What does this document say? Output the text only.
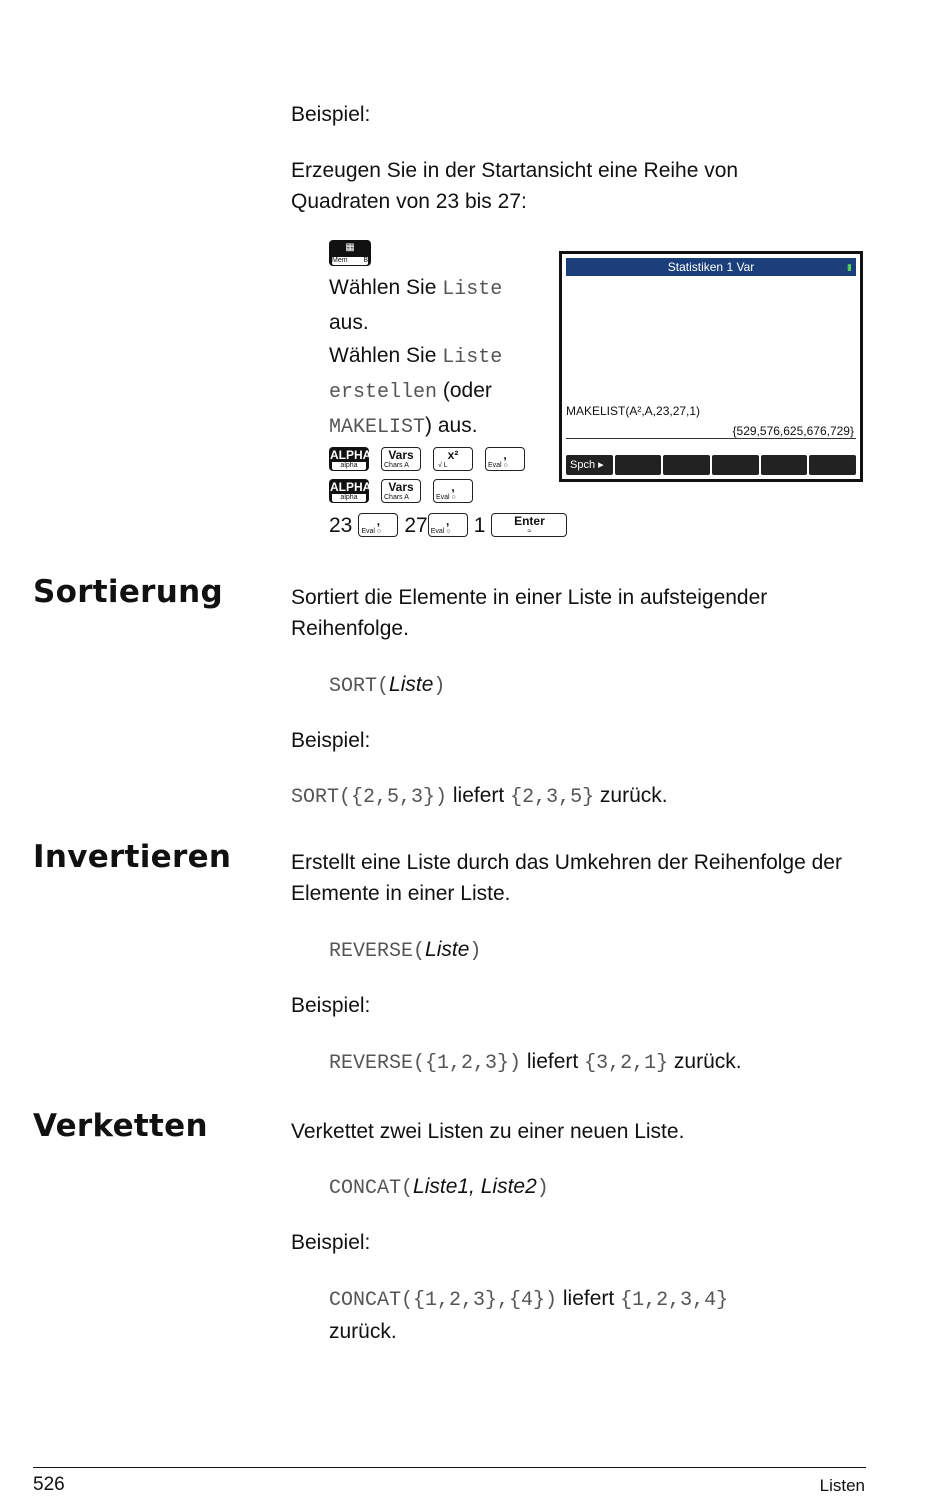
Beispiel:
Erzeugen Sie in der Startansicht eine Reihe von Quadraten von 23 bis 27:
▦
Mem B
Wählen Sie Liste
aus.
Wählen Sie Liste
erstellen (oder
MAKELIST) aus.
ALPHA
alpha
Vars
Chars A
x²
√ L
,
Eval ○
ALPHA
alpha
Vars
Chars A
,
Eval ○
23	,
Eval ○ 27	,
Eval ○ 1	Enter
≈
Statistiken 1 Var	▮
MAKELIST(A²,A,23,27,1)
{529,576,625,676,729}
Spch ▸
Sortierung	Sortiert die Elemente in einer Liste in aufsteigender Reihenfolge.
SORT(Liste)
Beispiel:
SORT({2,5,3}) liefert {2,3,5} zurück.
Invertieren	Erstellt eine Liste durch das Umkehren der Reihenfolge der Elemente in einer Liste.
REVERSE(Liste)
Beispiel:
REVERSE({1,2,3}) liefert {3,2,1} zurück.
Verketten	Verkettet zwei Listen zu einer neuen Liste.
CONCAT(Liste1, Liste2)
Beispiel:
CONCAT({1,2,3},{4}) liefert {1,2,3,4}
zurück.
526	Listen
